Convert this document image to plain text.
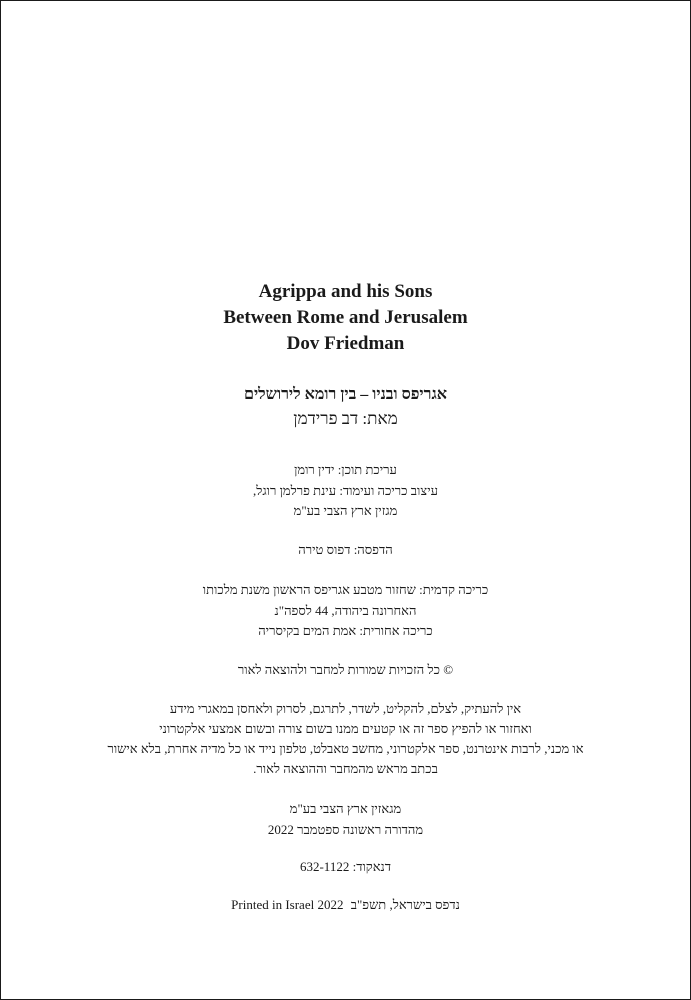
Agrippa and his Sons
Between Rome and Jerusalem
Dov Friedman
אגריפס ובניו – בין רומא לירושלים
מאת: דב פרידמן
עריכת תוכן: ידין רומן
עיצוב כריכה ועימוד: עינת פרלמן רוגל,
מגזין ארץ הצבי בע"מ
הדפסה: דפוס טירה
כריכה קדמית: שחזור מטבע אגריפס הראשון משנת מלכותו
האחרונה ביהודה, 44 לספה"נ
כריכה אחורית: אמת המים בקיסריה
© כל הזכויות שמורות למחבר ולהוצאה לאור
אין להעתיק, לצלם, להקליט, לשדר, לתרגם, לסרוק ולאחסן במאגרי מידע
ואחזור או להפיץ ספר זה או קטעים ממנו בשום צורה ובשום אמצעי אלקטרוני
או מכני, לרבות אינטרנט, ספר אלקטרוני, מחשב טאבלט, טלפון נייד או כל מדיה אחרת, בלא אישור
בכתב מראש מהמחבר וההוצאה לאור.
מגאזין ארץ הצבי בע"מ
מהדורה ראשונה ספטמבר 2022
דנאקוד: 632-1122
Printed in Israel 2022 נדפס בישראל, תשפ"ב
